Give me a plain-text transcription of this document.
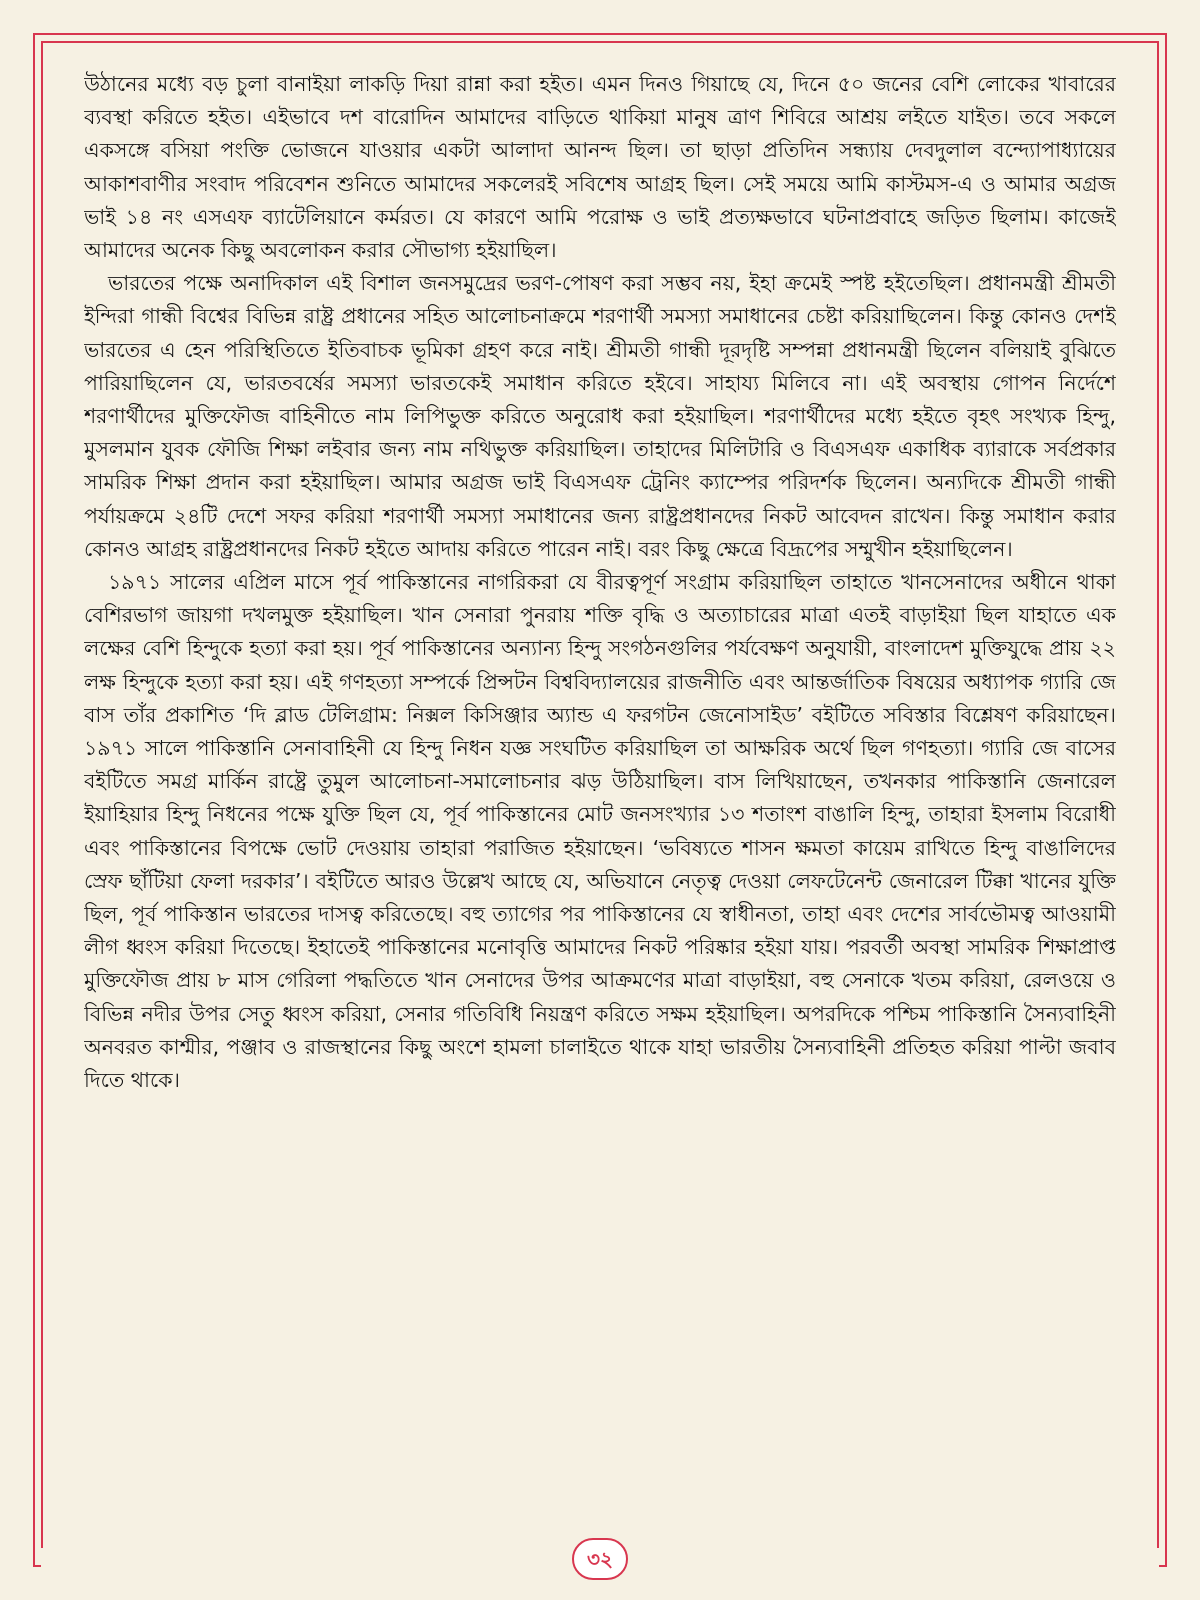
উঠানের মধ্যে বড় চুলা বানাইয়া লাকড়ি দিয়া রান্না করা হইত। এমন দিনও গিয়াছে যে, দিনে ৫০ জনের বেশি লোকের খাবারের ব্যবস্থা করিতে হইত। এইভাবে দশ বারোদিন আমাদের বাড়িতে থাকিয়া মানুষ ত্রাণ শিবিরে আশ্রয় লইতে যাইত। তবে সকলে একসঙ্গে বসিয়া পংক্তি ভোজনে যাওয়ার একটা আলাদা আনন্দ ছিল। তা ছাড়া প্রতিদিন সন্ধ্যায় দেবদুলাল বন্দ্যোপাধ্যায়ের আকাশবাণীর সংবাদ পরিবেশন শুনিতে আমাদের সকলেরই সবিশেষ আগ্রহ ছিল। সেই সময়ে আমি কাস্টমস-এ ও আমার অগ্রজ ভাই ১৪ নং এসএফ ব্যাটেলিয়ানে কর্মরত। যে কারণে আমি পরোক্ষ ও ভাই প্রত্যক্ষভাবে ঘটনাপ্রবাহে জড়িত ছিলাম। কাজেই আমাদের অনেক কিছু অবলোকন করার সৌভাগ্য হইয়াছিল।

ভারতের পক্ষে অনাদিকাল এই বিশাল জনসমুদ্রের ভরণ-পোষণ করা সম্ভব নয়, ইহা ক্রমেই স্পষ্ট হইতেছিল। প্রধানমন্ত্রী শ্রীমতী ইন্দিরা গান্ধী বিশ্বের বিভিন্ন রাষ্ট্র প্রধানের সহিত আলোচনাক্রমে শরণার্থী সমস্যা সমাধানের চেষ্টা করিয়াছিলেন। কিন্তু কোনও দেশই ভারতের এ হেন পরিস্থিতিতে ইতিবাচক ভূমিকা গ্রহণ করে নাই। শ্রীমতী গান্ধী দূরদৃষ্টি সম্পন্না প্রধানমন্ত্রী ছিলেন বলিয়াই বুঝিতে পারিয়াছিলেন যে, ভারতবর্ষের সমস্যা ভারতকেই সমাধান করিতে হইবে। সাহায্য মিলিবে না। এই অবস্থায় গোপন নির্দেশে শরণার্থীদের মুক্তিফৌজ বাহিনীতে নাম লিপিভুক্ত করিতে অনুরোধ করা হইয়াছিল। শরণার্থীদের মধ্যে হইতে বৃহৎ সংখ্যক হিন্দু, মুসলমান যুবক ফৌজি শিক্ষা লইবার জন্য নাম নথিভুক্ত করিয়াছিল। তাহাদের মিলিটারি ও বিএসএফ একাধিক ব্যারাকে সর্বপ্রকার সামরিক শিক্ষা প্রদান করা হইয়াছিল। আমার অগ্রজ ভাই বিএসএফ ট্রেনিং ক্যাম্পের পরিদর্শক ছিলেন। অন্যদিকে শ্রীমতী গান্ধী পর্যায়ক্রমে ২৪টি দেশে সফর করিয়া শরণার্থী সমস্যা সমাধানের জন্য রাষ্ট্রপ্রধানদের নিকট আবেদন রাখেন। কিন্তু সমাধান করার কোনও আগ্রহ রাষ্ট্রপ্রধানদের নিকট হইতে আদায় করিতে পারেন নাই। বরং কিছু ক্ষেত্রে বিদ্রূপের সম্মুখীন হইয়াছিলেন।

১৯৭১ সালের এপ্রিল মাসে পূর্ব পাকিস্তানের নাগরিকরা যে বীরত্বপূর্ণ সংগ্রাম করিয়াছিল তাহাতে খানসেনাদের অধীনে থাকা বেশিরভাগ জায়গা দখলমুক্ত হইয়াছিল। খান সেনারা পুনরায় শক্তি বৃদ্ধি ও অত্যাচারের মাত্রা এতই বাড়াইয়া ছিল যাহাতে এক লক্ষের বেশি হিন্দুকে হত্যা করা হয়। পূর্ব পাকিস্তানের অন্যান্য হিন্দু সংগঠনগুলির পর্যবেক্ষণ অনুযায়ী, বাংলাদেশ মুক্তিযুদ্ধে প্রায় ২২ লক্ষ হিন্দুকে হত্যা করা হয়। এই গণহত্যা সম্পর্কে প্রিন্সটন বিশ্ববিদ্যালয়ের রাজনীতি এবং আন্তর্জাতিক বিষয়ের অধ্যাপক গ্যারি জে বাস তাঁর প্রকাশিত ‘দি ব্লাড টেলিগ্রাম: নিক্সল কিসিঞ্জার অ্যান্ড এ ফরগটন জেনোসাইড’ বইটিতে সবিস্তার বিশ্লেষণ করিয়াছেন। ১৯৭১ সালে পাকিস্তানি সেনাবাহিনী যে হিন্দু নিধন যজ্ঞ সংঘটিত করিয়াছিল তা আক্ষরিক অর্থে ছিল গণহত্যা। গ্যারি জে বাসের বইটিতে সমগ্র মার্কিন রাষ্ট্রে তুমুল আলোচনা-সমালোচনার ঝড় উঠিয়াছিল। বাস লিখিয়াছেন, তখনকার পাকিস্তানি জেনারেল ইয়াহিয়ার হিন্দু নিধনের পক্ষে যুক্তি ছিল যে, পূর্ব পাকিস্তানের মোট জনসংখ্যার ১৩ শতাংশ বাঙালি হিন্দু, তাহারা ইসলাম বিরোধী এবং পাকিস্তানের বিপক্ষে ভোট দেওয়ায় তাহারা পরাজিত হইয়াছেন। ‘ভবিষ্যতে শাসন ক্ষমতা কায়েম রাখিতে হিন্দু বাঙালিদের স্রেফ ছাঁটিয়া ফেলা দরকার’। বইটিতে আরও উল্লেখ আছে যে, অভিযানে নেতৃত্ব দেওয়া লেফটেনেন্ট জেনারেল টিক্কা খানের যুক্তি ছিল, পূর্ব পাকিস্তান ভারতের দাসত্ব করিতেছে। বহু ত্যাগের পর পাকিস্তানের যে স্বাধীনতা, তাহা এবং দেশের সার্বভৌমত্ব আওয়ামী লীগ ধ্বংস করিয়া দিতেছে। ইহাতেই পাকিস্তানের মনোবৃত্তি আমাদের নিকট পরিষ্কার হইয়া যায়। পরবর্তী অবস্থা সামরিক শিক্ষাপ্রাপ্ত মুক্তিফৌজ প্রায় ৮ মাস গেরিলা পদ্ধতিতে খান সেনাদের উপর আক্রমণের মাত্রা বাড়াইয়া, বহু সেনাকে খতম করিয়া, রেলওয়ে ও বিভিন্ন নদীর উপর সেতু ধ্বংস করিয়া, সেনার গতিবিধি নিয়ন্ত্রণ করিতে সক্ষম হইয়াছিল। অপরদিকে পশ্চিম পাকিস্তানি সৈন্যবাহিনী অনবরত কাশ্মীর, পঞ্জাব ও রাজস্থানের কিছু অংশে হামলা চালাইতে থাকে যাহা ভারতীয় সৈন্যবাহিনী প্রতিহত করিয়া পাল্টা জবাব দিতে থাকে।

৩২
